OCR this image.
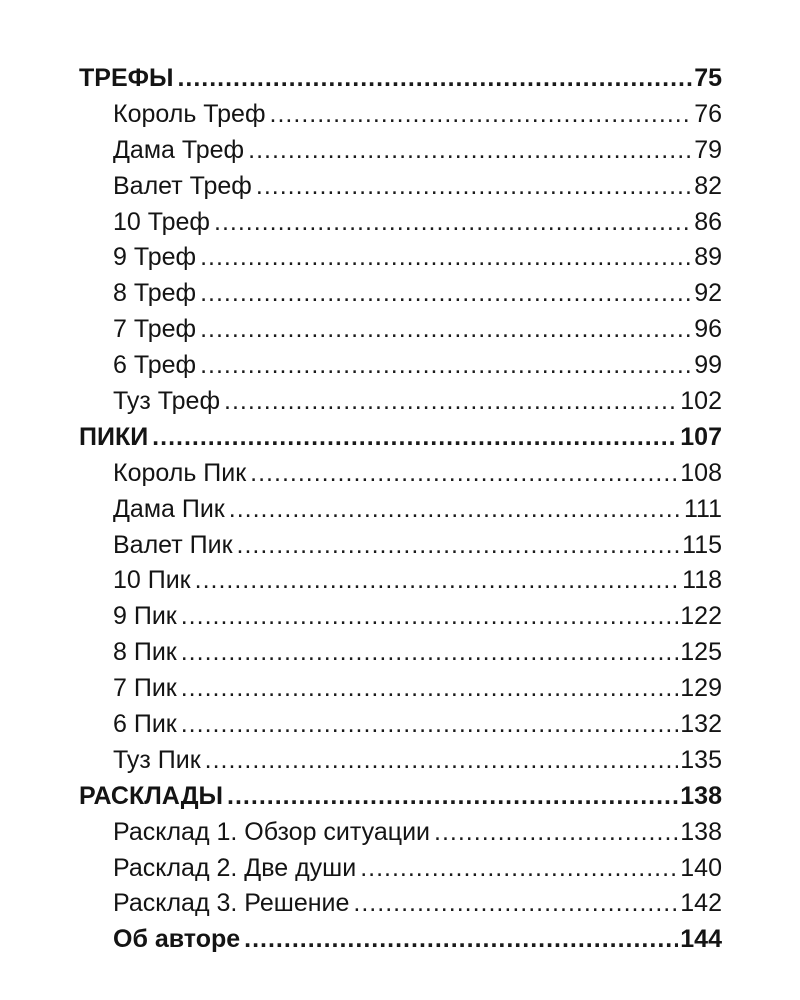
ТРЕФЫ .....	75
Король Треф .....	76
Дама Треф .....	79
Валет Треф .....	82
10 Треф .....	86
9 Треф .....	89
8 Треф .....	92
7 Треф .....	96
6 Треф .....	99
Туз Треф .....	102
ПИКИ .....	107
Король Пик .....	108
Дама Пик .....	111
Валет Пик .....	115
10 Пик .....	118
9 Пик .....	122
8 Пик .....	125
7 Пик .....	129
6 Пик .....	132
Туз Пик .....	135
РАСКЛАДЫ .....	138
Расклад 1. Обзор ситуации .....	138
Расклад 2. Две души .....	140
Расклад 3. Решение .....	142
Об авторе .....	144
